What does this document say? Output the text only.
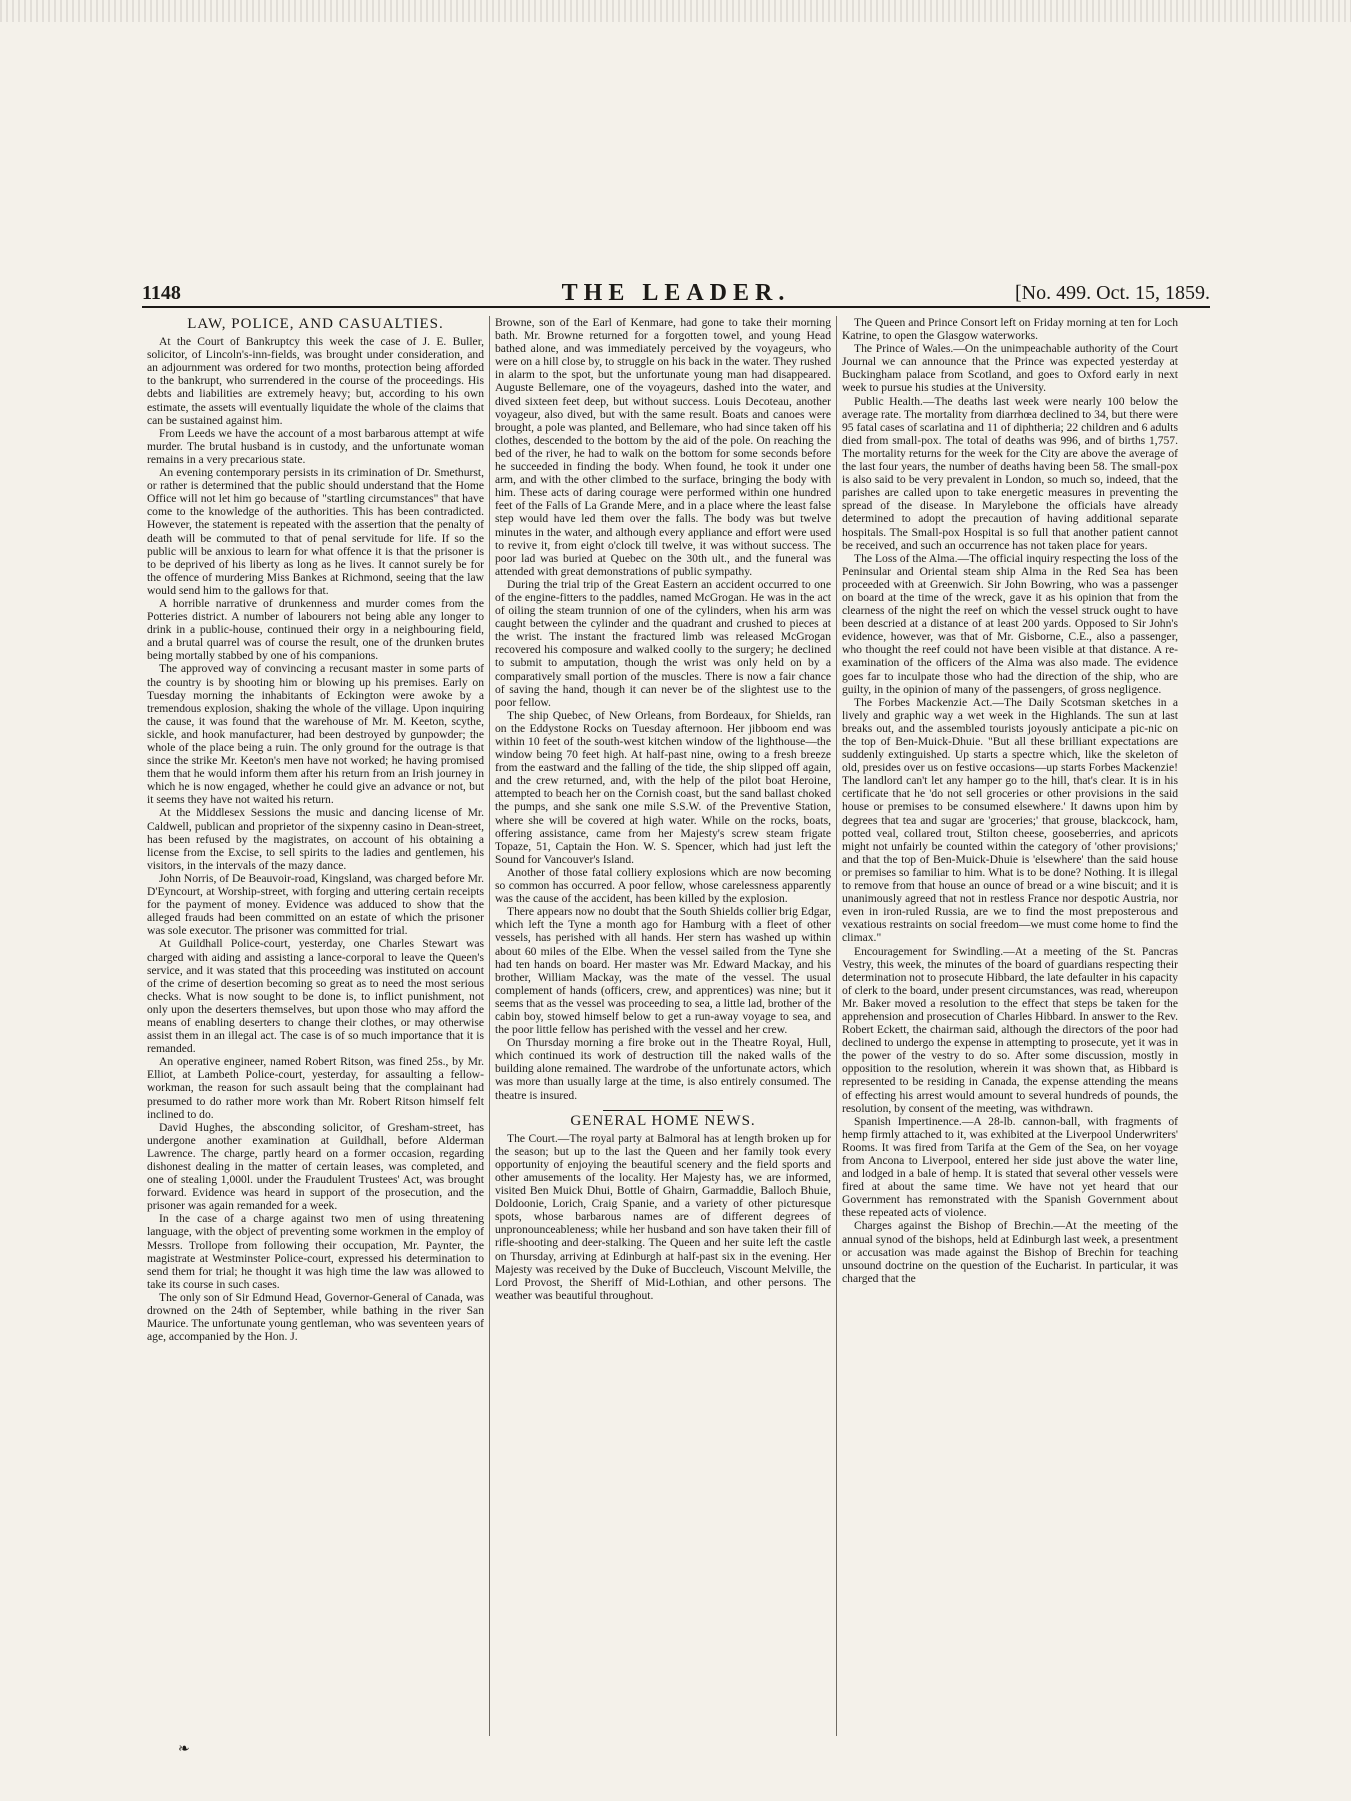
1148	THE LEADER.	[No. 499. Oct. 15, 1859.
LAW, POLICE, AND CASUALTIES.

At the Court of Bankruptcy this week the case of J. E. Buller, solicitor, of Lincoln's-inn-fields, was brought under consideration, and an adjournment was ordered for two months, protection being afforded to the bankrupt, who surrendered in the course of the proceedings. His debts and liabilities are extremely heavy; but, according to his own estimate, the assets will eventually liquidate the whole of the claims that can be sustained against him.

From Leeds we have the account of a most barbarous attempt at wife murder. The brutal husband is in custody, and the unfortunate woman remains in a very precarious state.

An evening contemporary persists in its crimination of Dr. Smethurst, or rather is determined that the public should understand that the Home Office will not let him go because of "startling circumstances" that have come to the knowledge of the authorities. This has been contradicted. However, the statement is repeated with the assertion that the penalty of death will be commuted to that of penal servitude for life. If so the public will be anxious to learn for what offence it is that the prisoner is to be deprived of his liberty as long as he lives. It cannot surely be for the offence of murdering Miss Bankes at Richmond, seeing that the law would send him to the gallows for that.

A horrible narrative of drunkenness and murder comes from the Potteries district. A number of labourers not being able any longer to drink in a public-house, continued their orgy in a neighbouring field, and a brutal quarrel was of course the result, one of the drunken brutes being mortally stabbed by one of his companions.

The approved way of convincing a recusant master in some parts of the country is by shooting him or blowing up his premises. Early on Tuesday morning the inhabitants of Eckington were awoke by a tremendous explosion, shaking the whole of the village. Upon inquiring the cause, it was found that the warehouse of Mr. M. Keeton, scythe, sickle, and hook manufacturer, had been destroyed by gunpowder; the whole of the place being a ruin. The only ground for the outrage is that since the strike Mr. Keeton's men have not worked; he having promised them that he would inform them after his return from an Irish journey in which he is now engaged, whether he could give an advance or not, but it seems they have not waited his return.

At the Middlesex Sessions the music and dancing license of Mr. Caldwell, publican and proprietor of the sixpenny casino in Dean-street, has been refused by the magistrates, on account of his obtaining a license from the Excise, to sell spirits to the ladies and gentlemen, his visitors, in the intervals of the mazy dance.

John Norris, of De Beauvoir-road, Kingsland, was charged before Mr. D'Eyncourt, at Worship-street, with forging and uttering certain receipts for the payment of money. Evidence was adduced to show that the alleged frauds had been committed on an estate of which the prisoner was sole executor. The prisoner was committed for trial.

At Guildhall Police-court, yesterday, one Charles Stewart was charged with aiding and assisting a lance-corporal to leave the Queen's service, and it was stated that this proceeding was instituted on account of the crime of desertion becoming so great as to need the most serious checks. What is now sought to be done is, to inflict punishment, not only upon the deserters themselves, but upon those who may afford the means of enabling deserters to change their clothes, or may otherwise assist them in an illegal act. The case is of so much importance that it is remanded.

An operative engineer, named Robert Ritson, was fined 25s., by Mr. Elliot, at Lambeth Police-court, yesterday, for assaulting a fellow-workman, the reason for such assault being that the complainant had presumed to do rather more work than Mr. Robert Ritson himself felt inclined to do.

David Hughes, the absconding solicitor, of Gresham-street, has undergone another examination at Guildhall, before Alderman Lawrence. The charge, partly heard on a former occasion, regarding dishonest dealing in the matter of certain leases, was completed, and one of stealing 1,000l. under the Fraudulent Trustees' Act, was brought forward. Evidence was heard in support of the prosecution, and the prisoner was again remanded for a week.

In the case of a charge against two men of using threatening language, with the object of preventing some workmen in the employ of Messrs. Trollope from following their occupation, Mr. Paynter, the magistrate at Westminster Police-court, expressed his determination to send them for trial; he thought it was high time the law was allowed to take its course in such cases.

The only son of Sir Edmund Head, Governor-General of Canada, was drowned on the 24th of September, while bathing in the river San Maurice. The unfortunate young gentleman, who was seventeen years of age, accompanied by the Hon. J.

Browne, son of the Earl of Kenmare, had gone to take their morning bath. Mr. Browne returned for a forgotten towel, and young Head bathed alone, and was immediately perceived by the voyageurs, who were on a hill close by, to struggle on his back in the water. They rushed in alarm to the spot, but the unfortunate young man had disappeared. Auguste Bellemare, one of the voyageurs, dashed into the water, and dived sixteen feet deep, but without success. Louis Decoteau, another voyageur, also dived, but with the same result. Boats and canoes were brought, a pole was planted, and Bellemare, who had since taken off his clothes, descended to the bottom by the aid of the pole. On reaching the bed of the river, he had to walk on the bottom for some seconds before he succeeded in finding the body. When found, he took it under one arm, and with the other climbed to the surface, bringing the body with him. These acts of daring courage were performed within one hundred feet of the Falls of La Grande Mere, and in a place where the least false step would have led them over the falls. The body was but twelve minutes in the water, and although every appliance and effort were used to revive it, from eight o'clock till twelve, it was without success. The poor lad was buried at Quebec on the 30th ult., and the funeral was attended with great demonstrations of public sympathy.

During the trial trip of the Great Eastern an accident occurred to one of the engine-fitters to the paddles, named McGrogan. He was in the act of oiling the steam trunnion of one of the cylinders, when his arm was caught between the cylinder and the quadrant and crushed to pieces at the wrist. The instant the fractured limb was released McGrogan recovered his composure and walked coolly to the surgery; he declined to submit to amputation, though the wrist was only held on by a comparatively small portion of the muscles. There is now a fair chance of saving the hand, though it can never be of the slightest use to the poor fellow.

The ship Quebec, of New Orleans, from Bordeaux, for Shields, ran on the Eddystone Rocks on Tuesday afternoon. Her jibboom end was within 10 feet of the south-west kitchen window of the lighthouse—the window being 70 feet high. At half-past nine, owing to a fresh breeze from the eastward and the falling of the tide, the ship slipped off again, and the crew returned, and, with the help of the pilot boat Heroine, attempted to beach her on the Cornish coast, but the sand ballast choked the pumps, and she sank one mile S.S.W. of the Preventive Station, where she will be covered at high water. While on the rocks, boats, offering assistance, came from her Majesty's screw steam frigate Topaze, 51, Captain the Hon. W. S. Spencer, which had just left the Sound for Vancouver's Island.

Another of those fatal colliery explosions which are now becoming so common has occurred. A poor fellow, whose carelessness apparently was the cause of the accident, has been killed by the explosion.

There appears now no doubt that the South Shields collier brig Edgar, which left the Tyne a month ago for Hamburg with a fleet of other vessels, has perished with all hands. Her stern has washed up within about 60 miles of the Elbe. When the vessel sailed from the Tyne she had ten hands on board. Her master was Mr. Edward Mackay, and his brother, William Mackay, was the mate of the vessel. The usual complement of hands (officers, crew, and apprentices) was nine; but it seems that as the vessel was proceeding to sea, a little lad, brother of the cabin boy, stowed himself below to get a run-away voyage to sea, and the poor little fellow has perished with the vessel and her crew.

On Thursday morning a fire broke out in the Theatre Royal, Hull, which continued its work of destruction till the naked walls of the building alone remained. The wardrobe of the unfortunate actors, which was more than usually large at the time, is also entirely consumed. The theatre is insured.

GENERAL HOME NEWS.

The Court.—The royal party at Balmoral has at length broken up for the season; but up to the last the Queen and her family took every opportunity of enjoying the beautiful scenery and the field sports and other amusements of the locality. Her Majesty has, we are informed, visited Ben Muick Dhui, Bottle of Ghairn, Garmaddie, Balloch Bhuie, Doldoonie, Lorich, Craig Spanie, and a variety of other picturesque spots, whose barbarous names are of different degrees of unpronounceableness; while her husband and son have taken their fill of rifle-shooting and deer-stalking. The Queen and her suite left the castle on Thursday, arriving at Edinburgh at half-past six in the evening. Her Majesty was received by the Duke of Buccleuch, Viscount Melville, the Lord Provost, the Sheriff of Mid-Lothian, and other persons. The weather was beautiful throughout.

The Queen and Prince Consort left on Friday morning at ten for Loch Katrine, to open the Glasgow waterworks.

The Prince of Wales.—On the unimpeachable authority of the Court Journal we can announce that the Prince was expected yesterday at Buckingham palace from Scotland, and goes to Oxford early in next week to pursue his studies at the University.

Public Health.—The deaths last week were nearly 100 below the average rate. The mortality from diarrhœa declined to 34, but there were 95 fatal cases of scarlatina and 11 of diphtheria; 22 children and 6 adults died from small-pox. The total of deaths was 996, and of births 1,757. The mortality returns for the week for the City are above the average of the last four years, the number of deaths having been 58. The small-pox is also said to be very prevalent in London, so much so, indeed, that the parishes are called upon to take energetic measures in preventing the spread of the disease. In Marylebone the officials have already determined to adopt the precaution of having additional separate hospitals. The Small-pox Hospital is so full that another patient cannot be received, and such an occurrence has not taken place for years.

The Loss of the Alma.—The official inquiry respecting the loss of the Peninsular and Oriental steam ship Alma in the Red Sea has been proceeded with at Greenwich. Sir John Bowring, who was a passenger on board at the time of the wreck, gave it as his opinion that from the clearness of the night the reef on which the vessel struck ought to have been descried at a distance of at least 200 yards. Opposed to Sir John's evidence, however, was that of Mr. Gisborne, C.E., also a passenger, who thought the reef could not have been visible at that distance. A re-examination of the officers of the Alma was also made. The evidence goes far to inculpate those who had the direction of the ship, who are guilty, in the opinion of many of the passengers, of gross negligence.

The Forbes Mackenzie Act.—The Daily Scotsman sketches in a lively and graphic way a wet week in the Highlands. The sun at last breaks out, and the assembled tourists joyously anticipate a pic-nic on the top of Ben-Muick-Dhuie. "But all these brilliant expectations are suddenly extinguished. Up starts a spectre which, like the skeleton of old, presides over us on festive occasions—up starts Forbes Mackenzie! The landlord can't let any hamper go to the hill, that's clear. It is in his certificate that he 'do not sell groceries or other provisions in the said house or premises to be consumed elsewhere.' It dawns upon him by degrees that tea and sugar are 'groceries;' that grouse, blackcock, ham, potted veal, collared trout, Stilton cheese, gooseberries, and apricots might not unfairly be counted within the category of 'other provisions;' and that the top of Ben-Muick-Dhuie is 'elsewhere' than the said house or premises so familiar to him. What is to be done? Nothing. It is illegal to remove from that house an ounce of bread or a wine biscuit; and it is unanimously agreed that not in restless France nor despotic Austria, nor even in iron-ruled Russia, are we to find the most preposterous and vexatious restraints on social freedom—we must come home to find the climax."

Encouragement for Swindling.—At a meeting of the St. Pancras Vestry, this week, the minutes of the board of guardians respecting their determination not to prosecute Hibbard, the late defaulter in his capacity of clerk to the board, under present circumstances, was read, whereupon Mr. Baker moved a resolution to the effect that steps be taken for the apprehension and prosecution of Charles Hibbard. In answer to the Rev. Robert Eckett, the chairman said, although the directors of the poor had declined to undergo the expense in attempting to prosecute, yet it was in the power of the vestry to do so. After some discussion, mostly in opposition to the resolution, wherein it was shown that, as Hibbard is represented to be residing in Canada, the expense attending the means of effecting his arrest would amount to several hundreds of pounds, the resolution, by consent of the meeting, was withdrawn.

Spanish Impertinence.—A 28-lb. cannon-ball, with fragments of hemp firmly attached to it, was exhibited at the Liverpool Underwriters' Rooms. It was fired from Tarifa at the Gem of the Sea, on her voyage from Ancona to Liverpool, entered her side just above the water line, and lodged in a bale of hemp. It is stated that several other vessels were fired at about the same time. We have not yet heard that our Government has remonstrated with the Spanish Government about these repeated acts of violence.

Charges against the Bishop of Brechin.—At the meeting of the annual synod of the bishops, held at Edinburgh last week, a presentment or accusation was made against the Bishop of Brechin for teaching unsound doctrine on the question of the Eucharist. In particular, it was charged that the

❧
